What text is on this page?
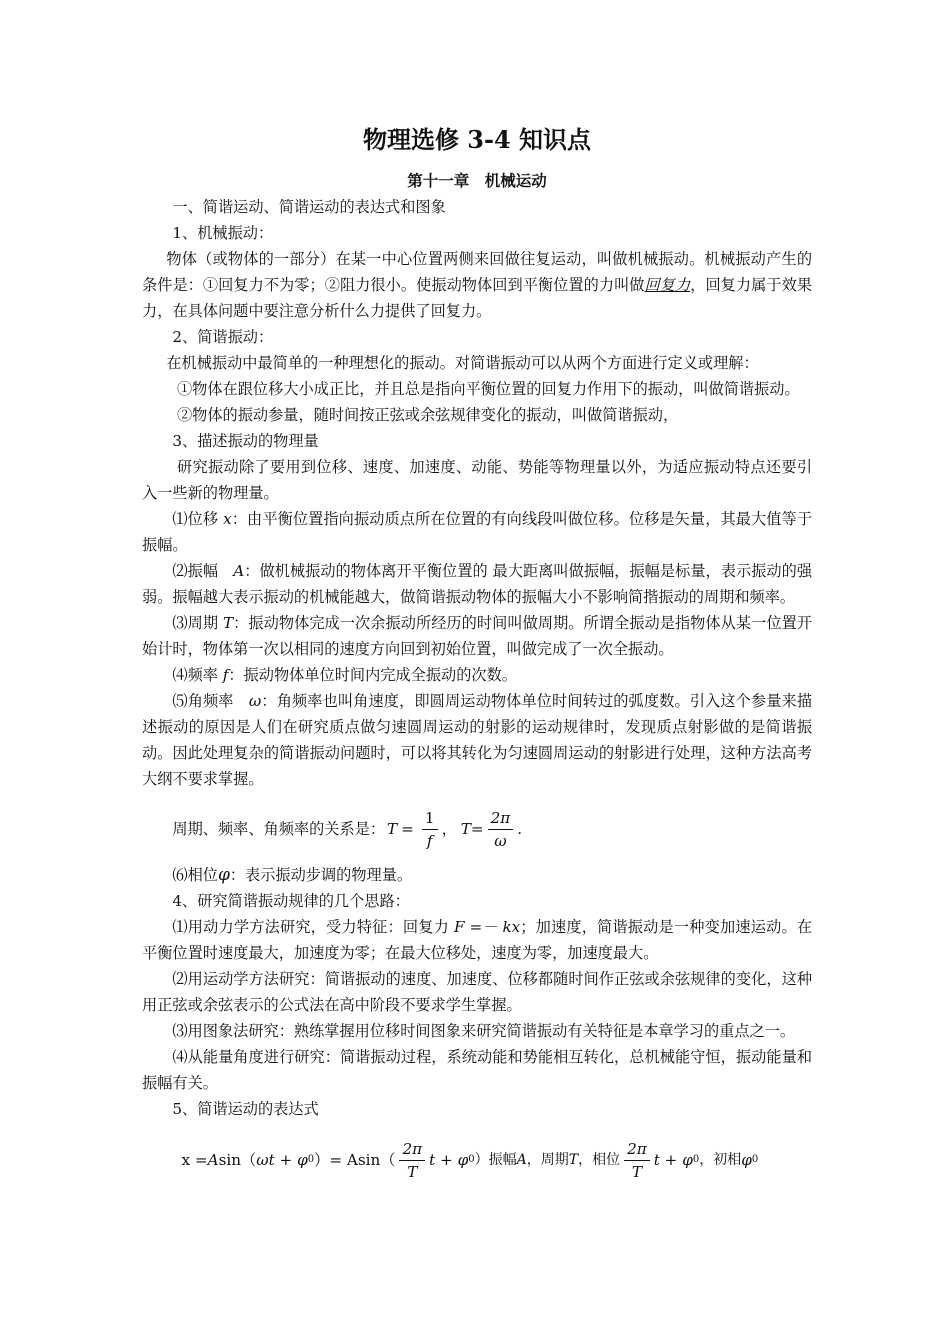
物理选修 3-4 知识点
第十一章　机械运动

一、简谐运动、简谐运动的表达式和图象

1、机械振动：

物体（或物体的一部分）在某一中心位置两侧来回做往复运动，叫做机械振动。机械振动产生的条件是：①回复力不为零；②阻力很小。使振动物体回到平衡位置的力叫做回复力，回复力属于效果力，在具体问题中要注意分析什么力提供了回复力。

2、简谐振动：

在机械振动中最简单的一种理想化的振动。对简谐振动可以从两个方面进行定义或理解：

①物体在跟位移大小成正比，并且总是指向平衡位置的回复力作用下的振动，叫做简谐振动。

②物体的振动参量，随时间按正弦或余弦规律变化的振动，叫做简谐振动，

3、描述振动的物理量

研究振动除了要用到位移、速度、加速度、动能、势能等物理量以外，为适应振动特点还要引入一些新的物理量。

⑴位移 x：由平衡位置指向振动质点所在位置的有向线段叫做位移。位移是矢量，其最大值等于振幅。

⑵振幅　A：做机械振动的物体离开平衡位置的 最大距离叫做振幅，振幅是标量，表示振动的强弱。振幅越大表示振动的机械能越大，做简谐振动物体的振幅大小不影响简揩振动的周期和频率。

⑶周期 T：振动物体完成一次余振动所经历的时间叫做周期。所谓全振动是指物体从某一位置开始计时，物体第一次以相同的速度方向回到初始位置，叫做完成了一次全振动。

⑷频率 f：振动物体单位时间内完成全振动的次数。

⑸角频率　ω：角频率也叫角速度，即圆周运动物体单位时间转过的弧度数。引入这个参量来描述振动的原因是人们在研究质点做匀速圆周运动的射影的运动规律时，发现质点射影做的是简谐振动。因此处理复杂的简谐振动问题时，可以将其转化为匀速圆周运动的射影进行处理，这种方法高考大纲不要求掌握。

周期、频率、角频率的关系是： $T = \frac{1}{f}$ ， $T= \frac{2\pi}{\omega}$ .

⑹相位φ：表示振动步调的物理量。

4、研究简谐振动规律的几个思路：

⑴用动力学方法研究，受力特征：回复力 F =－ kx；加速度，简谐振动是一种变加速运动。在平衡位置时速度最大，加速度为零；在最大位移处，速度为零，加速度最大。

⑵用运动学方法研究：简谐振动的速度、加速度、位移都随时间作正弦或余弦规律的变化，这种用正弦或余弦表示的公式法在高中阶段不要求学生掌握。

⑶用图象法研究：熟练掌握用位移时间图象来研究简谐振动有关特征是本章学习的重点之一。

⑷从能量角度进行研究：简谐振动过程，系统动能和势能相互转化，总机械能守恒，振动能量和振幅有关。

5、简谐运动的表达式

x = A sin（ ωt + φ 0 ）= $Asin( \frac{2\pi}{T}$ t + φ 0 ）振幅 A ，周期 T ，相位 $\frac{2\pi}{T}$ t + φ 0 ，初相 φ 0
